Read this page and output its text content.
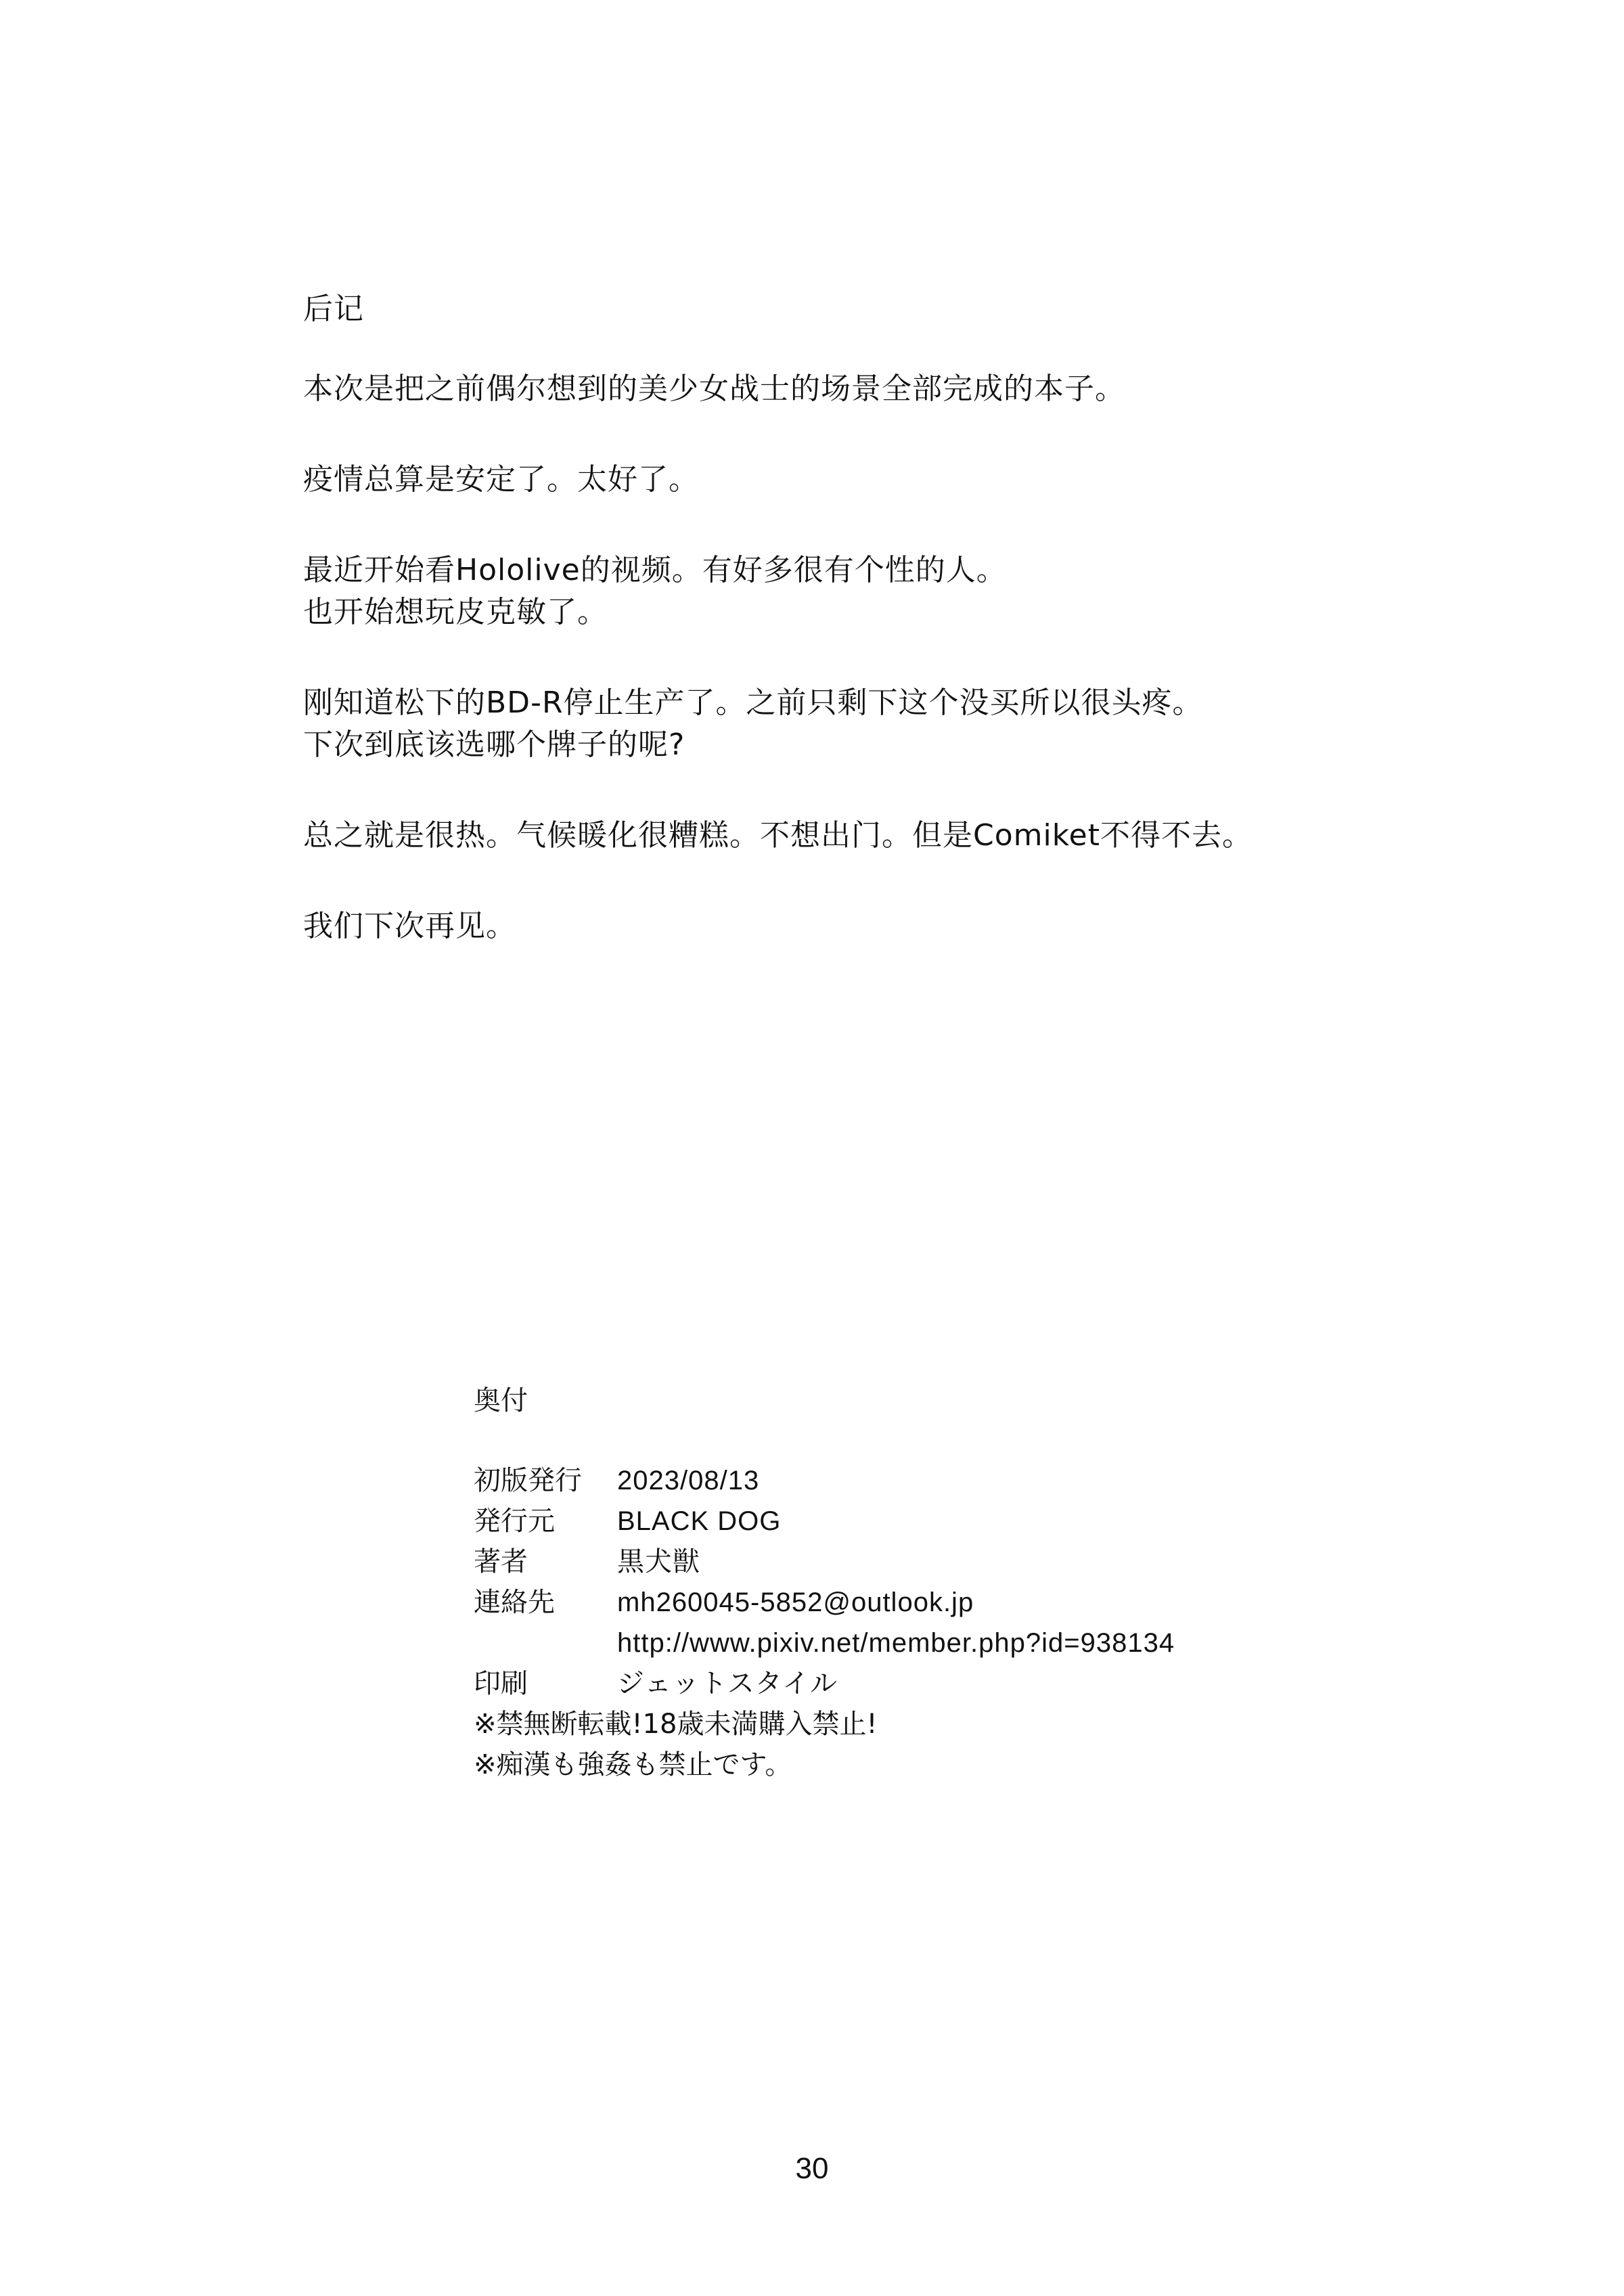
后记
本次是把之前偶尔想到的美少女战士的场景全部完成的本子。
疫情总算是安定了。太好了。
最近开始看Hololive的视频。有好多很有个性的人。
也开始想玩皮克敏了。
刚知道松下的BD-R停止生产了。之前只剩下这个没买所以很头疼。
下次到底该选哪个牌子的呢?
总之就是很热。气候暖化很糟糕。不想出门。但是Comiket不得不去。
我们下次再见。
奥付
初版発行	2023/08/13
発行元	BLACK DOG
著者	黒犬獣
連絡先	mh260045-5852@outlook.jp
	http://www.pixiv.net/member.php?id=938134
印刷	ジェットスタイル
※禁無断転載!18歳未満購入禁止!
※痴漢も強姦も禁止です。
30
